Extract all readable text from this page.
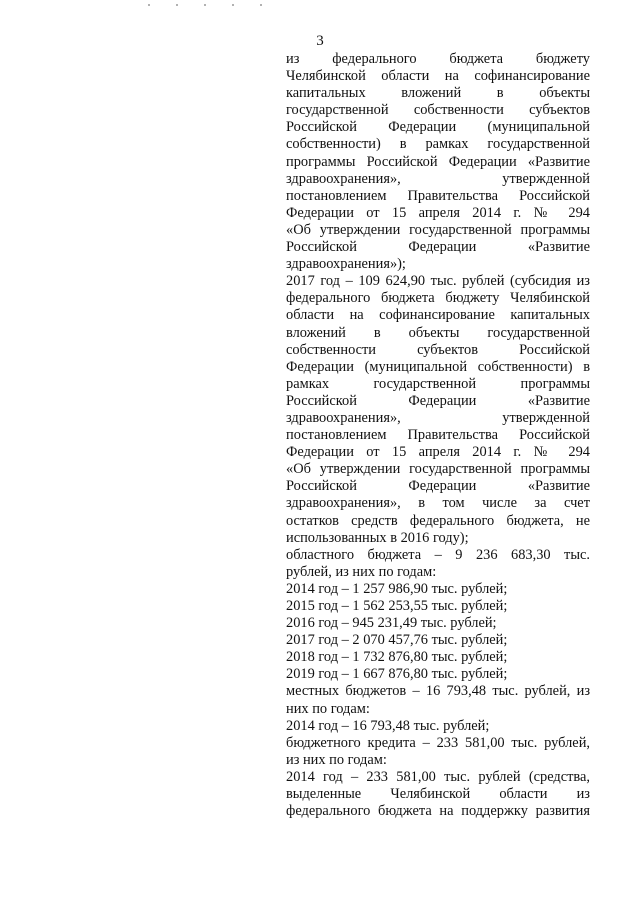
3
из федерального бюджета бюджету
Челябинской области на софинансирование
капитальных вложений в объекты
государственной собственности субъектов
Российской Федерации (муниципальной
собственности) в рамках государственной
программы Российской Федерации «Развитие
здравоохранения», утвержденной
постановлением Правительства Российской
Федерации от 15 апреля 2014 г. № 294
«Об утверждении государственной программы
Российской Федерации «Развитие
здравоохранения»);
2017 год – 109 624,90 тыс. рублей (субсидия из
федерального бюджета бюджету Челябинской
области на софинансирование капитальных
вложений в объекты государственной
собственности субъектов Российской
Федерации (муниципальной собственности) в
рамках государственной программы
Российской Федерации «Развитие
здравоохранения», утвержденной
постановлением Правительства Российской
Федерации от 15 апреля 2014 г. № 294
«Об утверждении государственной программы
Российской Федерации «Развитие
здравоохранения», в том числе за счет
остатков средств федерального бюджета, не
использованных в 2016 году);
областного бюджета – 9 236 683,30 тыс.
рублей, из них по годам:
2014 год – 1 257 986,90 тыс. рублей;
2015 год – 1 562 253,55 тыс. рублей;
2016 год – 945 231,49 тыс. рублей;
2017 год – 2 070 457,76 тыс. рублей;
2018 год – 1 732 876,80 тыс. рублей;
2019 год – 1 667 876,80 тыс. рублей;
местных бюджетов – 16 793,48 тыс. рублей, из
них по годам:
2014 год – 16 793,48 тыс. рублей;
бюджетного кредита – 233 581,00 тыс. рублей,
из них по годам:
2014 год – 233 581,00 тыс. рублей (средства,
выделенные Челябинской области из
федерального бюджета на поддержку развития
